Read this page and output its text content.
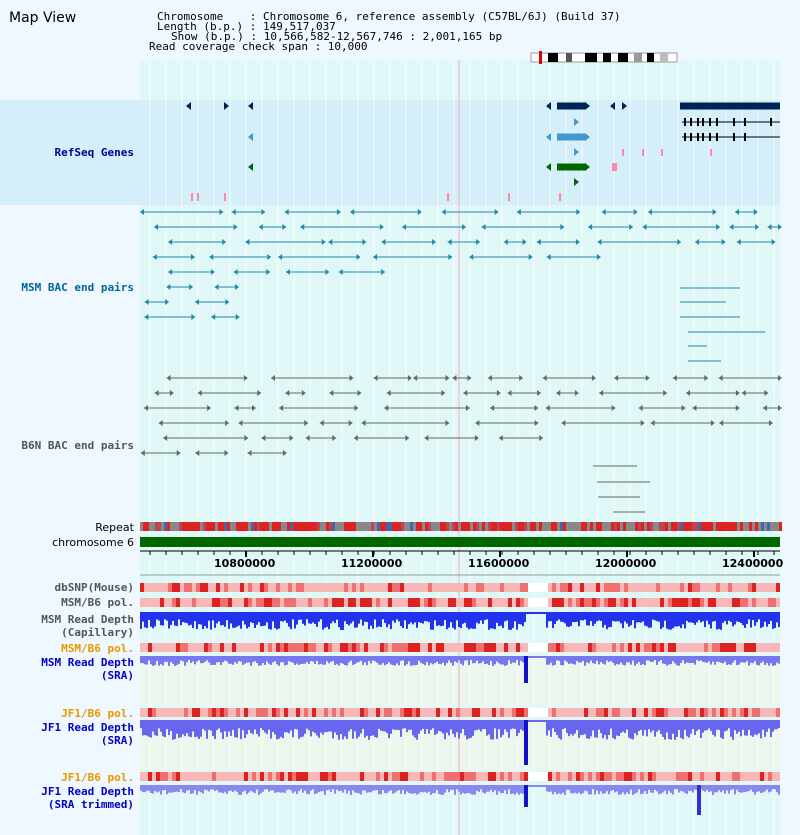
Map View	Chromosome    : Chromosome 6, reference assembly (C57BL/6J) (Build 37)
Length (b.p.) : 149,517,037
Show (b.p.) : 10,566,582-12,567,746 : 2,001,165 bp
Read coverage check span : 10,000
RefSeq Genes
MSM BAC end pairs
B6N BAC end pairs
Repeat
chromosome 6
dbSNP(Mouse)
MSM/B6 pol.
MSM Read Depth
(Capillary)
MSM/B6 pol.
MSM Read Depth
(SRA)
JF1/B6 pol.
JF1 Read Depth
(SRA)
JF1/B6 pol.
JF1 Read Depth
(SRA trimmed)
10800000	11200000	11600000	12000000	12400000
